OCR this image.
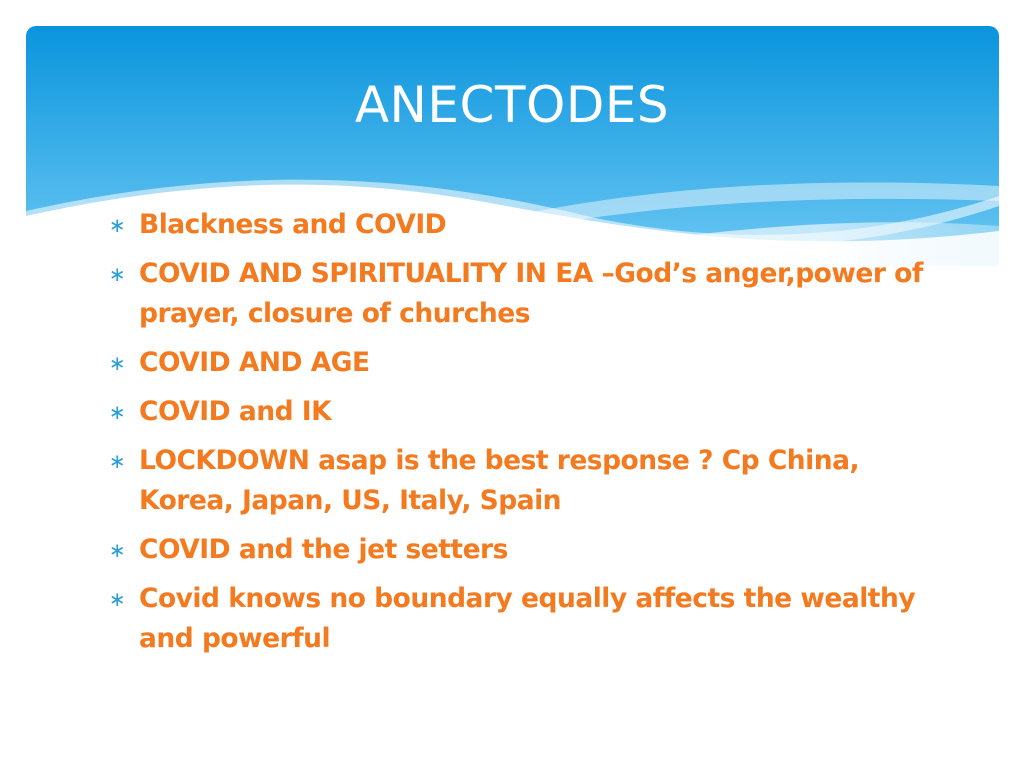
ANECTODES
∗ Blackness and COVID
∗ COVID AND SPIRITUALITY IN EA –God’s anger,power of prayer, closure of churches
∗ COVID AND AGE
∗ COVID and IK
∗ LOCKDOWN asap is the best response ? Cp China, Korea, Japan, US, Italy, Spain
∗ COVID and the jet setters
∗ Covid knows no boundary equally affects the wealthy and powerful
